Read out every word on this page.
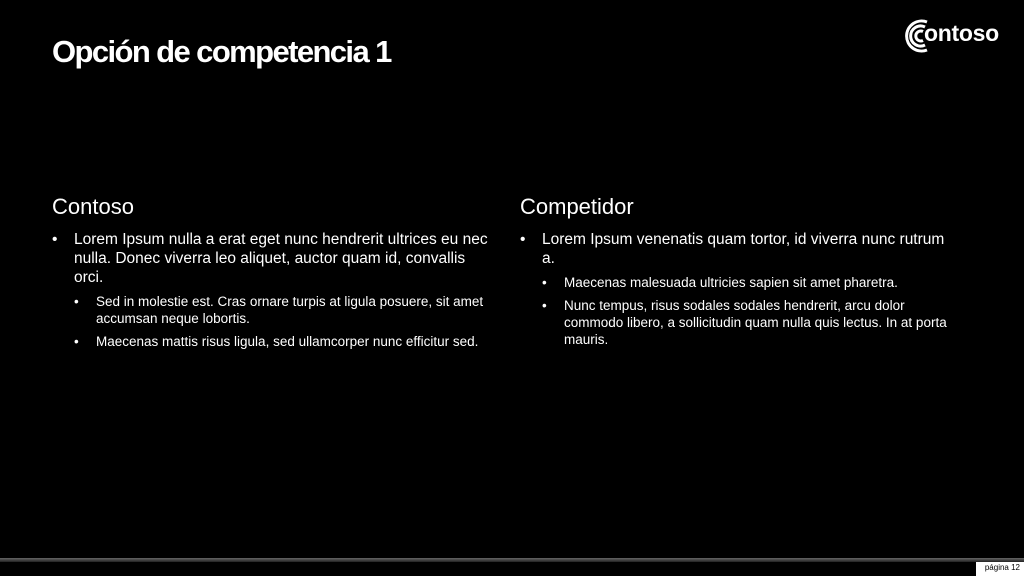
Opción de competencia 1
ontoso
Contoso
• Lorem Ipsum nulla a erat eget nunc hendrerit ultrices eu nec nulla. Donec viverra leo aliquet, auctor quam id, convallis orci.
• Sed in molestie est. Cras ornare turpis at ligula posuere, sit amet accumsan neque lobortis.
• Maecenas mattis risus ligula, sed ullamcorper nunc efficitur sed.
Competidor
• Lorem Ipsum venenatis quam tortor, id viverra nunc rutrum a.
• Maecenas malesuada ultricies sapien sit amet pharetra.
• Nunc tempus, risus sodales sodales hendrerit, arcu dolor commodo libero, a sollicitudin quam nulla quis lectus. In at porta mauris.
página 12
